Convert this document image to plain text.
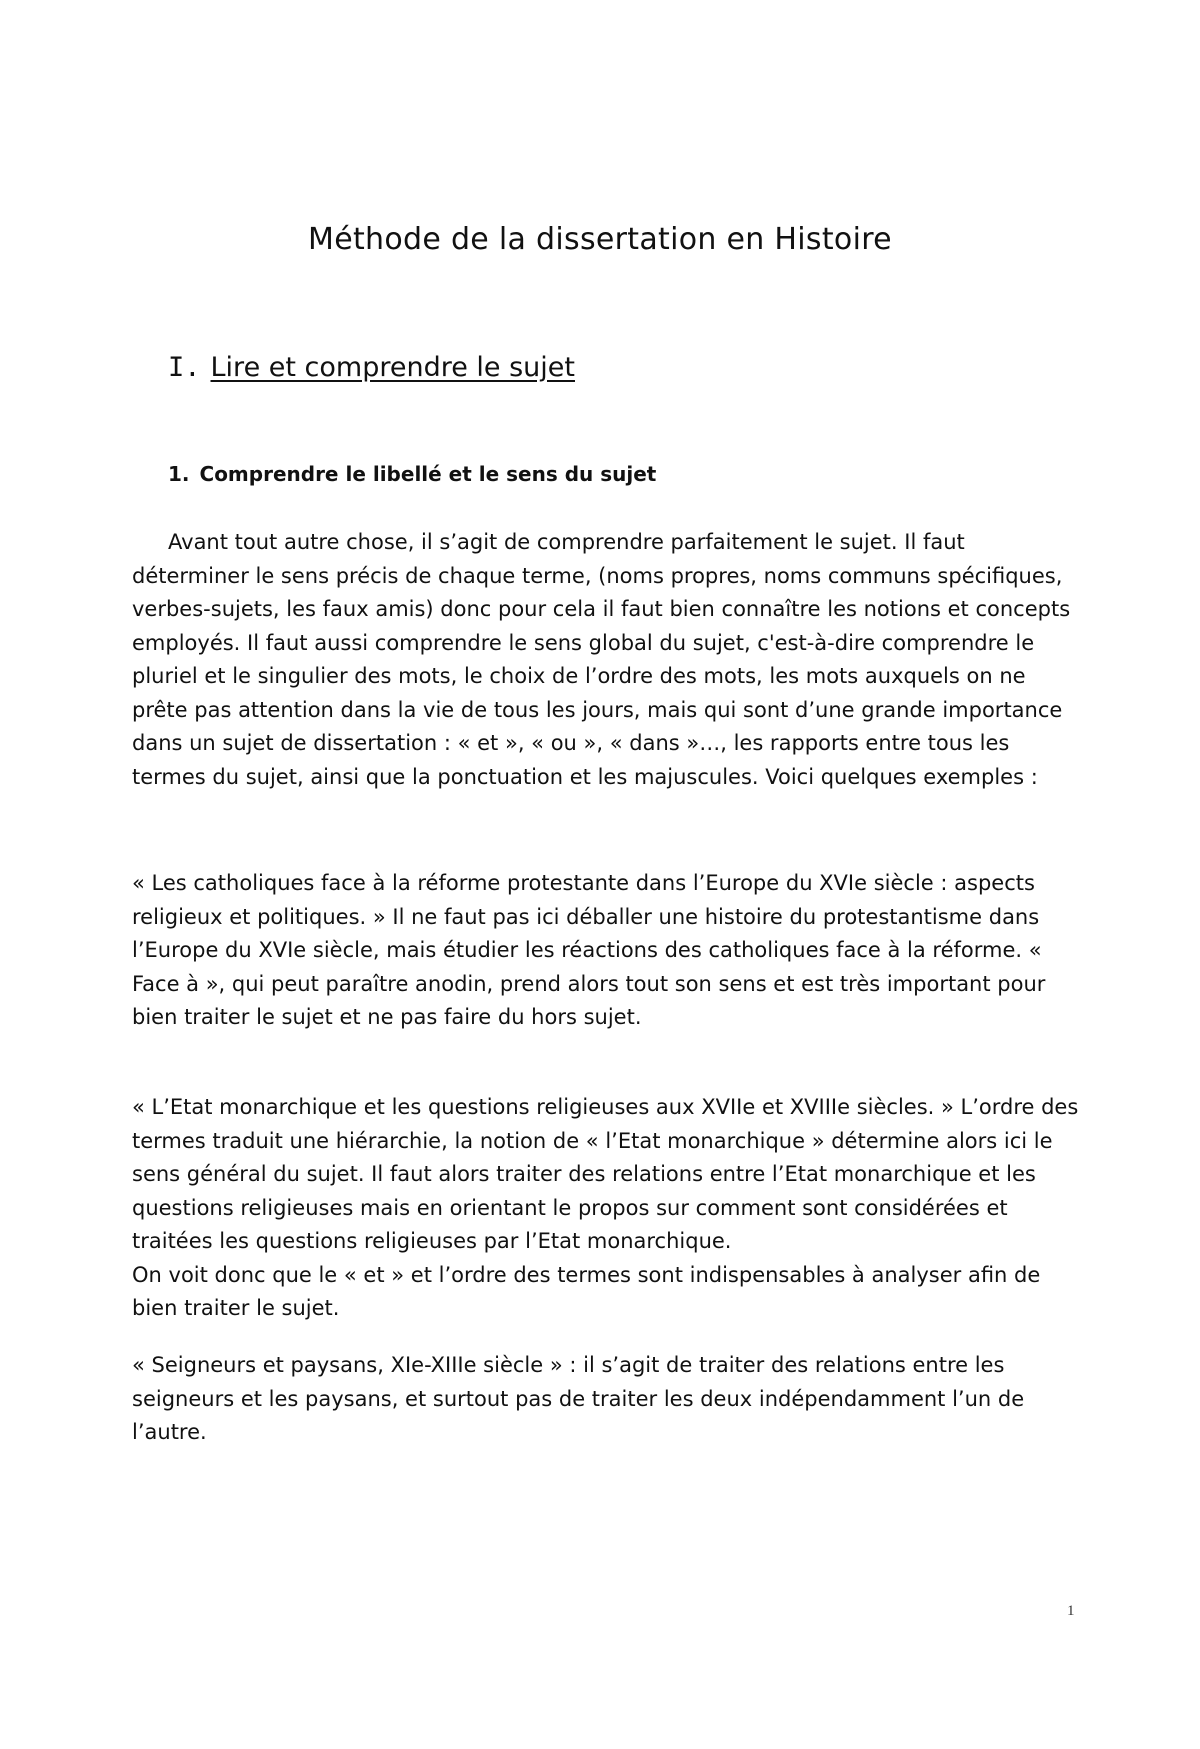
Méthode de la dissertation en Histoire
I. Lire et comprendre le sujet
1. Comprendre le libellé et le sens du sujet

Avant tout autre chose, il s’agit de comprendre parfaitement le sujet. Il faut déterminer le sens précis de chaque terme, (noms propres, noms communs spécifiques, verbes-sujets, les faux amis) donc pour cela il faut bien connaître les notions et concepts employés. Il faut aussi comprendre le sens global du sujet, c'est-à-dire comprendre le pluriel et le singulier des mots, le choix de l’ordre des mots, les mots auxquels on ne prête pas attention dans la vie de tous les jours, mais qui sont d’une grande importance dans un sujet de dissertation : « et », « ou », « dans »…, les rapports entre tous les termes du sujet, ainsi que la ponctuation et les majuscules. Voici quelques exemples :

« Les catholiques face à la réforme protestante dans l’Europe du XVIe siècle : aspects religieux et politiques. » Il ne faut pas ici déballer une histoire du protestantisme dans l’Europe du XVIe siècle, mais étudier les réactions des catholiques face à la réforme. « Face à », qui peut paraître anodin, prend alors tout son sens et est très important pour bien traiter le sujet et ne pas faire du hors sujet.

« L’Etat monarchique et les questions religieuses aux XVIIe et XVIIIe siècles. » L’ordre des termes traduit une hiérarchie, la notion de « l’Etat monarchique » détermine alors ici le sens général du sujet. Il faut alors traiter des relations entre l’Etat monarchique et les questions religieuses mais en orientant le propos sur comment sont considérées et traitées les questions religieuses par l’Etat monarchique.

On voit donc que le « et » et l’ordre des termes sont indispensables à analyser afin de bien traiter le sujet.

« Seigneurs et paysans, XIe-XIIIe siècle » : il s’agit de traiter des relations entre les seigneurs et les paysans, et surtout pas de traiter les deux indépendamment l’un de l’autre.

1
